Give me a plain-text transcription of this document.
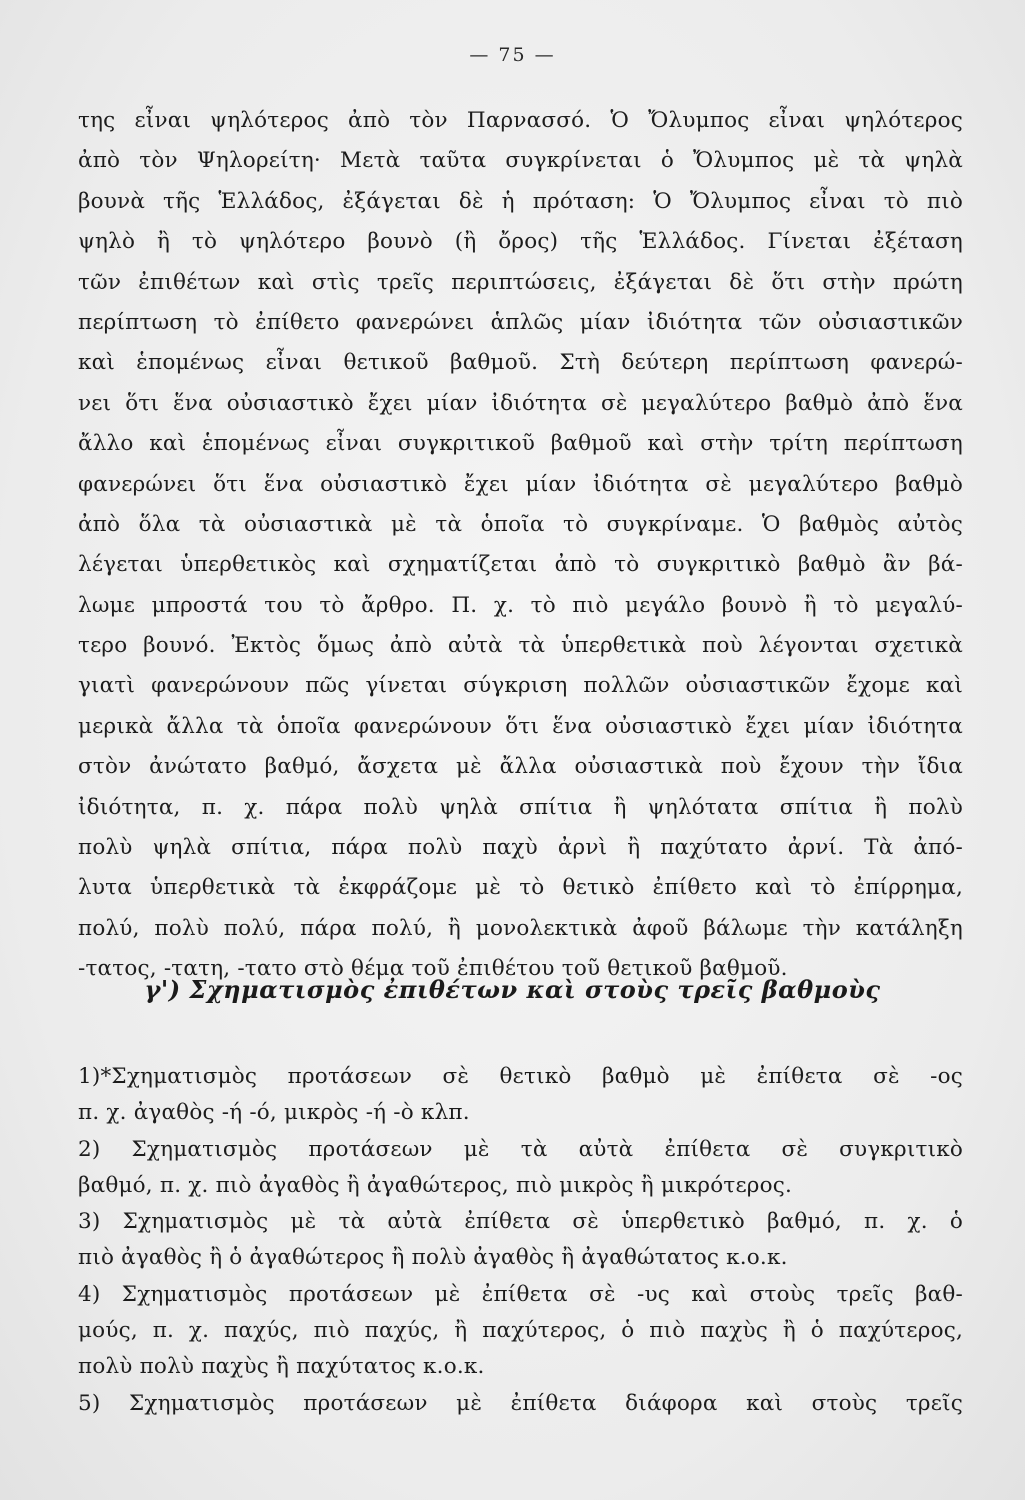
— 75 —
της εἶναι ψηλότερος ἀπὸ τὸν Παρνασσό. Ὁ Ὄλυμπος εἶναι ψηλότερος
ἀπὸ τὸν Ψηλορείτη· Μετὰ ταῦτα συγκρίνεται ὁ Ὄλυμπος μὲ τὰ ψηλὰ
βουνὰ τῆς Ἑλλάδος, ἐξάγεται δὲ ἡ πρόταση: Ὁ Ὄλυμπος εἶναι τὸ πιὸ
ψηλὸ ἢ τὸ ψηλότερο βουνὸ (ἢ ὄρος) τῆς Ἑλλάδος. Γίνεται ἐξέταση
τῶν ἐπιθέτων καὶ στὶς τρεῖς περιπτώσεις, ἐξάγεται δὲ ὅτι στὴν πρώτη
περίπτωση τὸ ἐπίθετο φανερώνει ἁπλῶς μίαν ἰδιότητα τῶν οὐσιαστικῶν
καὶ ἑπομένως εἶναι θετικοῦ βαθμοῦ. Στὴ δεύτερη περίπτωση φανερώ-
νει ὅτι ἕνα οὐσιαστικὸ ἔχει μίαν ἰδιότητα σὲ μεγαλύτερο βαθμὸ ἀπὸ ἕνα
ἄλλο καὶ ἑπομένως εἶναι συγκριτικοῦ βαθμοῦ καὶ στὴν τρίτη περίπτωση
φανερώνει ὅτι ἕνα οὐσιαστικὸ ἔχει μίαν ἰδιότητα σὲ μεγαλύτερο βαθμὸ
ἀπὸ ὅλα τὰ οὐσιαστικὰ μὲ τὰ ὁποῖα τὸ συγκρίναμε. Ὁ βαθμὸς αὐτὸς
λέγεται ὑπερθετικὸς καὶ σχηματίζεται ἀπὸ τὸ συγκριτικὸ βαθμὸ ἂν βά-
λωμε μπροστά του τὸ ἄρθρο. Π. χ. τὸ πιὸ μεγάλο βουνὸ ἢ τὸ μεγαλύ-
τερο βουνό. Ἐκτὸς ὅμως ἀπὸ αὐτὰ τὰ ὑπερθετικὰ ποὺ λέγονται σχετικὰ
γιατὶ φανερώνουν πῶς γίνεται σύγκριση πολλῶν οὐσιαστικῶν ἔχομε καὶ
μερικὰ ἄλλα τὰ ὁποῖα φανερώνουν ὅτι ἕνα οὐσιαστικὸ ἔχει μίαν ἰδιότητα
στὸν ἀνώτατο βαθμό, ἄσχετα μὲ ἄλλα οὐσιαστικὰ ποὺ ἔχουν τὴν ἴδια
ἰδιότητα, π. χ. πάρα πολὺ ψηλὰ σπίτια ἢ ψηλότατα σπίτια ἢ πολὺ
πολὺ ψηλὰ σπίτια, πάρα πολὺ παχὺ ἀρνὶ ἢ παχύτατο ἀρνί. Τὰ ἀπό-
λυτα ὑπερθετικὰ τὰ ἐκφράζομε μὲ τὸ θετικὸ ἐπίθετο καὶ τὸ ἐπίρρημα,
πολύ, πολὺ πολύ, πάρα πολύ, ἢ μονολεκτικὰ ἀφοῦ βάλωμε τὴν κατάληξη
-τατος, -τατη, -τατο στὸ θέμα τοῦ ἐπιθέτου τοῦ θετικοῦ βαθμοῦ.
γ') Σχηματισμὸς ἐπιθέτων καὶ στοὺς τρεῖς βαθμοὺς
1)*Σχηματισμὸς προτάσεων σὲ θετικὸ βαθμὸ μὲ ἐπίθετα σὲ -ος
π. χ. ἀγαθὸς -ή -ό, μικρὸς -ή -ὸ κλπ.
2) Σχηματισμὸς προτάσεων μὲ τὰ αὐτὰ ἐπίθετα σὲ συγκριτικὸ
βαθμό, π. χ. πιὸ ἀγαθὸς ἢ ἀγαθώτερος, πιὸ μικρὸς ἢ μικρότερος.
3) Σχηματισμὸς μὲ τὰ αὐτὰ ἐπίθετα σὲ ὑπερθετικὸ βαθμό, π. χ. ὁ
πιὸ ἀγαθὸς ἢ ὁ ἀγαθώτερος ἢ πολὺ ἀγαθὸς ἢ ἀγαθώτατος κ.ο.κ.
4) Σχηματισμὸς προτάσεων μὲ ἐπίθετα σὲ -υς καὶ στοὺς τρεῖς βαθ-
μούς, π. χ. παχύς, πιὸ παχύς, ἢ παχύτερος, ὁ πιὸ παχὺς ἢ ὁ παχύτερος,
πολὺ πολὺ παχὺς ἢ παχύτατος κ.ο.κ.
5) Σχηματισμὸς προτάσεων μὲ ἐπίθετα διάφορα καὶ στοὺς τρεῖς
